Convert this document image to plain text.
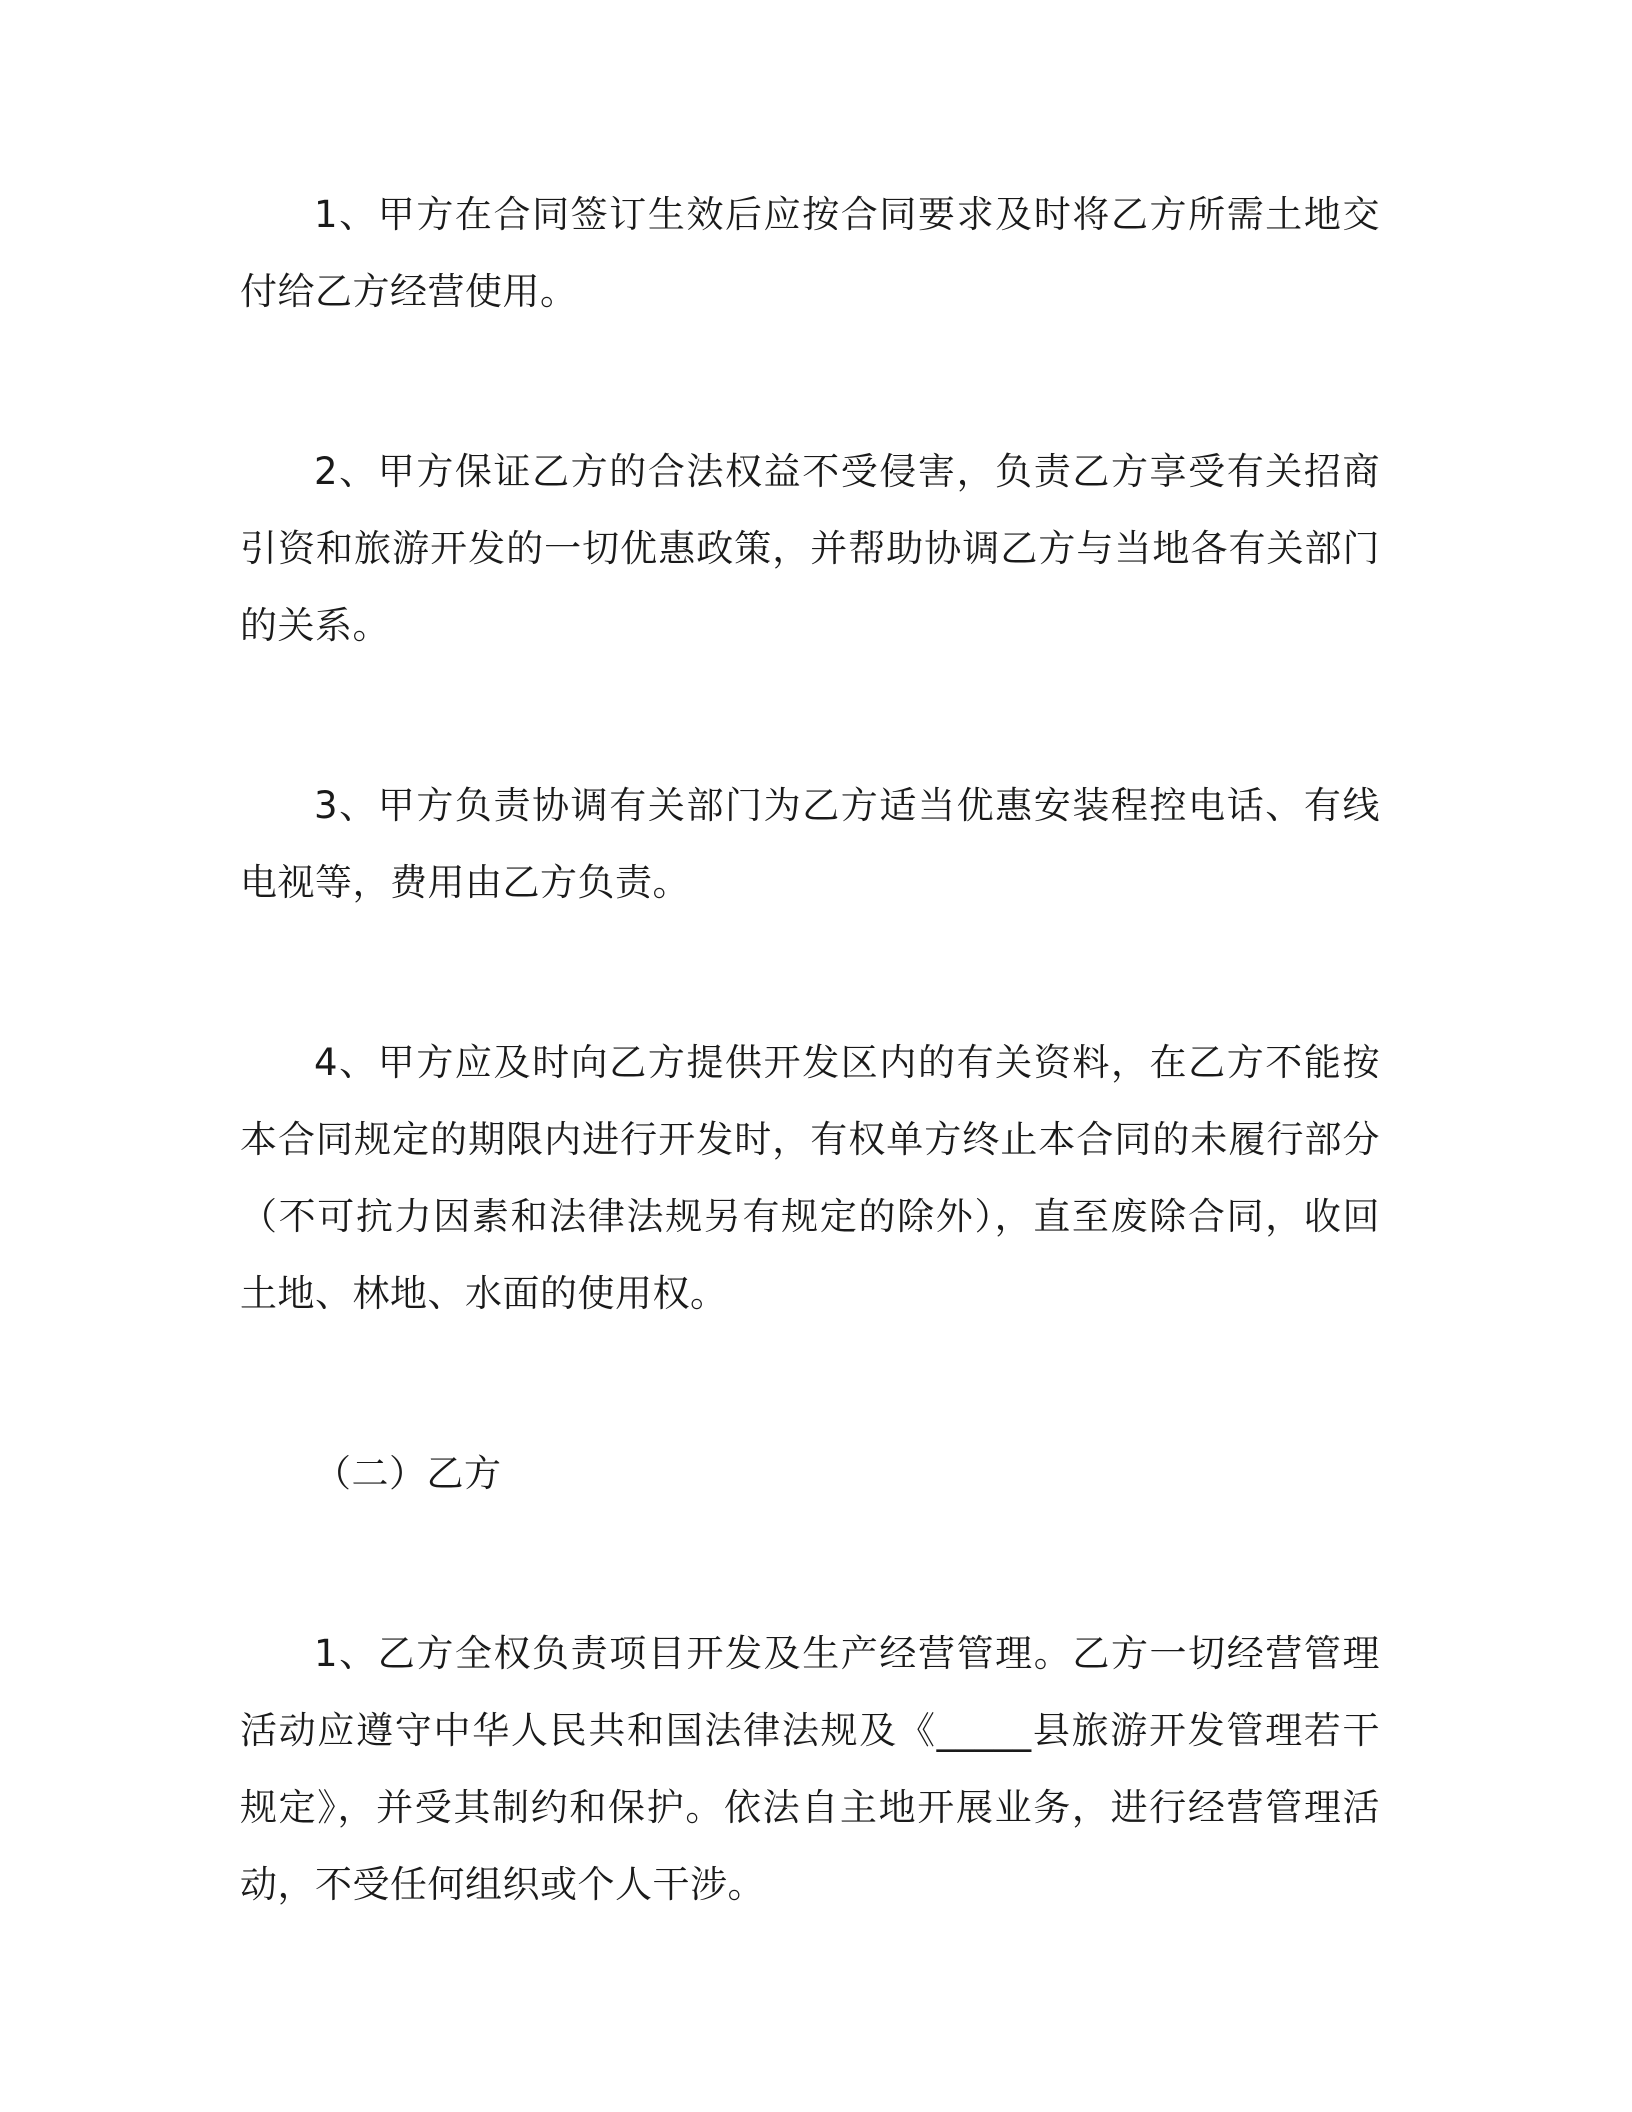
1、甲方在合同签订生效后应按合同要求及时将乙方所需土地交付给乙方经营使用。

2、甲方保证乙方的合法权益不受侵害，负责乙方享受有关招商引资和旅游开发的一切优惠政策，并帮助协调乙方与当地各有关部门的关系。

3、甲方负责协调有关部门为乙方适当优惠安装程控电话、有线电视等，费用由乙方负责。

4、甲方应及时向乙方提供开发区内的有关资料，在乙方不能按本合同规定的期限内进行开发时，有权单方终止本合同的未履行部分（不可抗力因素和法律法规另有规定的除外），直至废除合同，收回土地、林地、水面的使用权。

（二）乙方

1、乙方全权负责项目开发及生产经营管理。乙方一切经营管理活动应遵守中华人民共和国法律法规及《_____县旅游开发管理若干规定》，并受其制约和保护。依法自主地开展业务，进行经营管理活动，不受任何组织或个人干涉。
